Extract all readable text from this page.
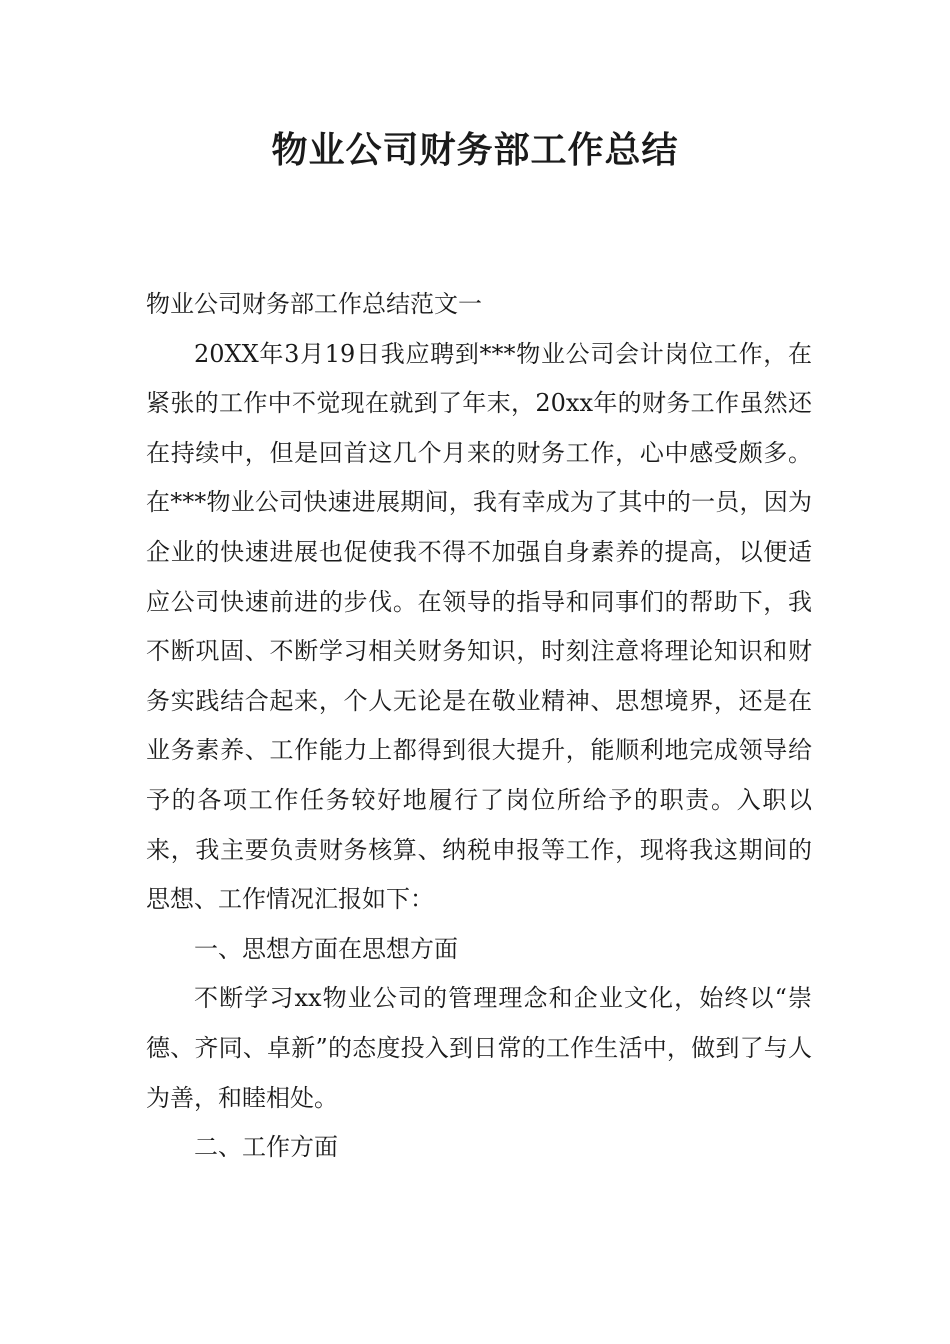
物业公司财务部工作总结

物业公司财务部工作总结范文一

20XX年3月19日我应聘到***物业公司会计岗位工作，在紧张的工作中不觉现在就到了年末，20xx年的财务工作虽然还在持续中，但是回首这几个月来的财务工作，心中感受颇多。在***物业公司快速进展期间，我有幸成为了其中的一员，因为企业的快速进展也促使我不得不加强自身素养的提高，以便适应公司快速前进的步伐。在领导的指导和同事们的帮助下，我不断巩固、不断学习相关财务知识，时刻注意将理论知识和财务实践结合起来，个人无论是在敬业精神、思想境界，还是在业务素养、工作能力上都得到很大提升，能顺利地完成领导给予的各项工作任务较好地履行了岗位所给予的职责。入职以来，我主要负责财务核算、纳税申报等工作，现将我这期间的思想、工作情况汇报如下：

一、思想方面在思想方面

不断学习xx物业公司的管理理念和企业文化，始终以“崇德、齐同、卓新”的态度投入到日常的工作生活中，做到了与人为善，和睦相处。

二、工作方面
